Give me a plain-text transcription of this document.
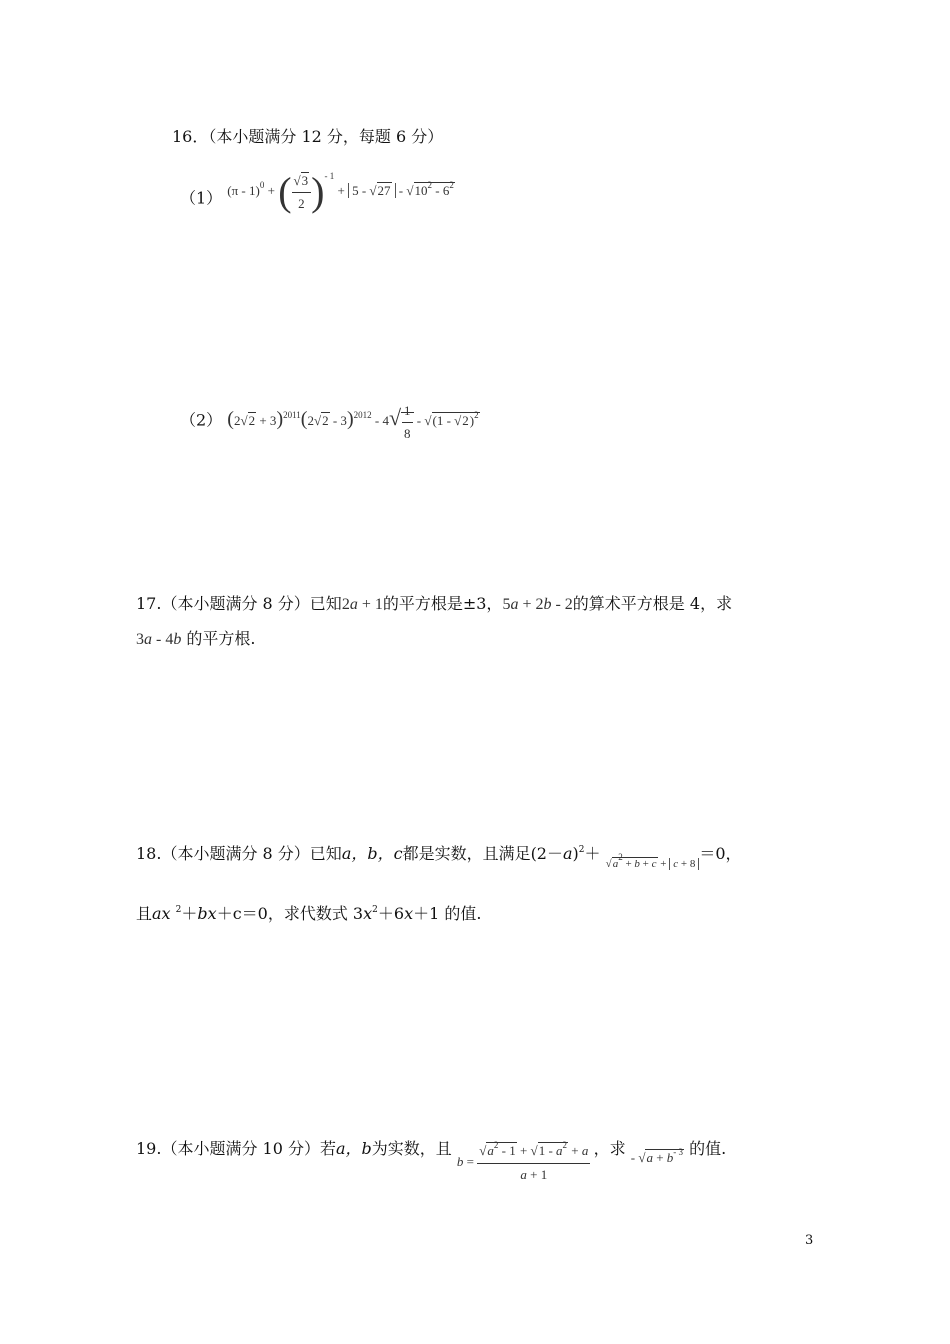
16．（本小题满分 12 分，每题 6 分）
（1） $^{(\pi - 1)^0 + ( \frac{√3}{2} )^{- 1} + 5 - √27 - √10^2 - 6^2}$
（2） $(2√2 + 3)^{2011}(2√2 - 3)^{2012} - 4√ \frac{1}{8} - √(1 - √2)^2$
17.（本小题满分 8 分）已知2a + 1的平方根是±3，5a + 2b - 2的算术平方根是 4，求
3a - 4b 的平方根.
18.（本小题满分 8 分）已知a，b，c都是实数，且满足$(2-a)^2+ _{√a^2 + b + c + c + 8}=0$，
且ax $^2$＋bx＋c＝0，求代数式 $3x^2+6x+1$ 的值.
19.（本小题满分 10 分）若a，b为实数，且 $_{b = \frac{√a^2 - 1 + √1 - a^2 + a}{a + 1}}$ ，求 $_{- √a + b^{- 3}}$ 的值.
3
